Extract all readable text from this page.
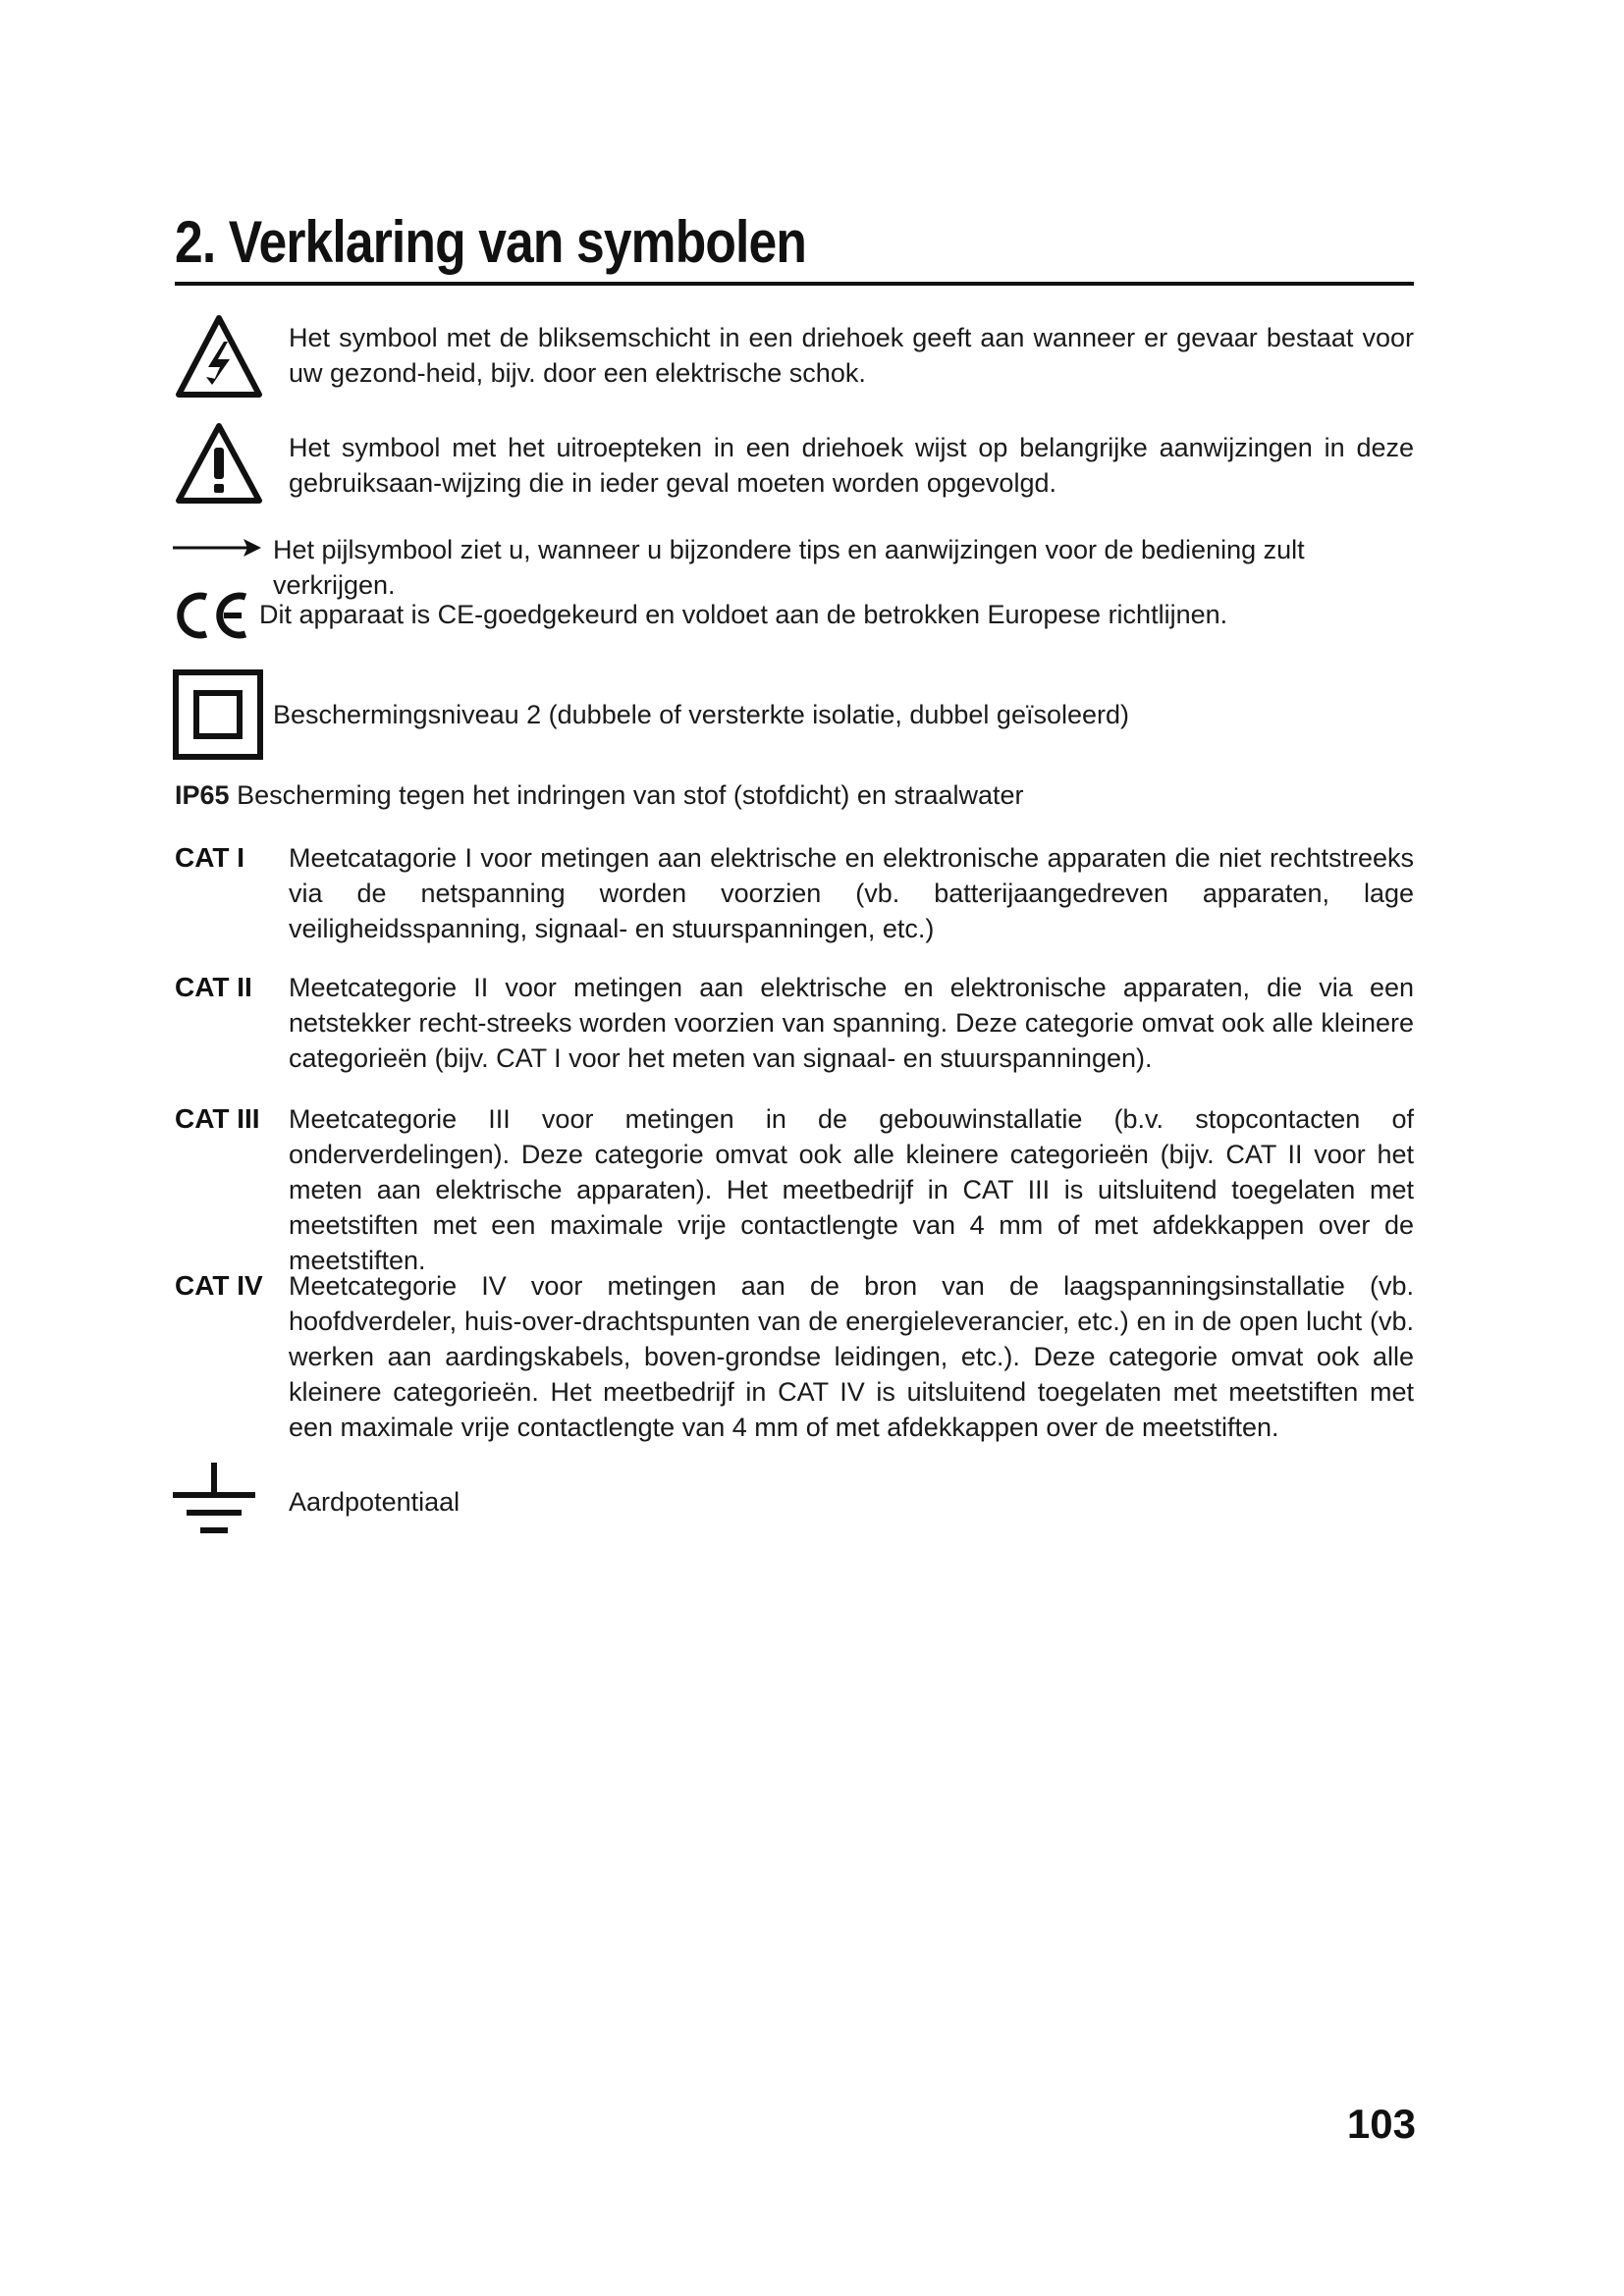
2. Verklaring van symbolen
Het symbool met de bliksemschicht in een driehoek geeft aan wanneer er gevaar bestaat voor uw gezond-heid, bijv. door een elektrische schok.
Het symbool met het uitroepteken in een driehoek wijst op belangrijke aanwijzingen in deze gebruiksaan-wijzing die in ieder geval moeten worden opgevolgd.
Het pijlsymbool ziet u, wanneer u bijzondere tips en aanwijzingen voor de bediening zult verkrijgen.
Dit apparaat is CE-goedgekeurd en voldoet aan de betrokken Europese richtlijnen.
Beschermingsniveau 2 (dubbele of versterkte isolatie, dubbel geïsoleerd)
IP65 Bescherming tegen het indringen van stof (stofdicht) en straalwater
CAT I Meetcatagorie I voor metingen aan elektrische en elektronische apparaten die niet rechtstreeks via de netspanning worden voorzien (vb. batterijaangedreven apparaten, lage veiligheidsspanning, signaal- en stuurspanningen, etc.)
CAT II Meetcategorie II voor metingen aan elektrische en elektronische apparaten, die via een netstekker recht-streeks worden voorzien van spanning. Deze categorie omvat ook alle kleinere categorieën (bijv. CAT I voor het meten van signaal- en stuurspanningen).
CAT III Meetcategorie III voor metingen in de gebouwinstallatie (b.v. stopcontacten of onderverdelingen). Deze categorie omvat ook alle kleinere categorieën (bijv. CAT II voor het meten aan elektrische apparaten). Het meetbedrijf in CAT III is uitsluitend toegelaten met meetstiften met een maximale vrije contactlengte van 4 mm of met afdekkappen over de meetstiften.
CAT IV Meetcategorie IV voor metingen aan de bron van de laagspanningsinstallatie (vb. hoofdverdeler, huis-over-drachtspunten van de energieleverancier, etc.) en in de open lucht (vb. werken aan aardingskabels, boven-grondse leidingen, etc.). Deze categorie omvat ook alle kleinere categorieën. Het meetbedrijf in CAT IV is uitsluitend toegelaten met meetstiften met een maximale vrije contactlengte van 4 mm of met afdekkappen over de meetstiften.
Aardpotentiaal
103
